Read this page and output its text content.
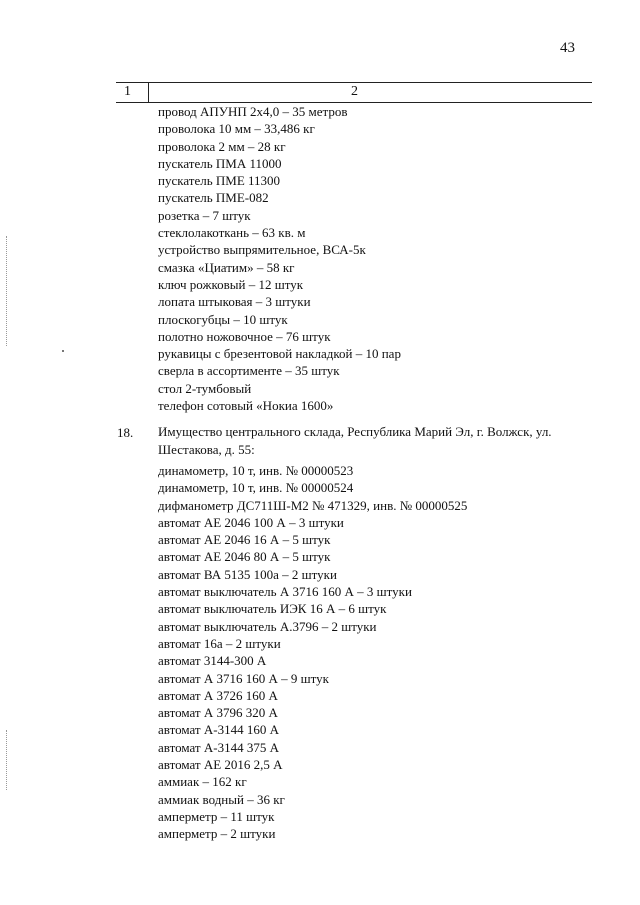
43
1	2
провод АПУНП 2х4,0 – 35 метров
проволока 10 мм – 33,486 кг
проволока 2 мм – 28 кг
пускатель ПМА 11000
пускатель ПМЕ 11300
пускатель ПМЕ-082
розетка – 7 штук
стеклолакоткань – 63 кв. м
устройство выпрямительное, ВСА-5к
смазка «Циатим» – 58 кг
ключ рожковый – 12 штук
лопата штыковая – 3 штуки
плоскогубцы – 10 штук
полотно ножовочное – 76 штук
рукавицы с брезентовой накладкой – 10 пар
сверла в ассортименте – 35 штук
стол 2-тумбовый
телефон сотовый «Нокиа 1600»
18. Имущество центрального склада, Республика Марий Эл, г. Волжск, ул. Шестакова, д. 55:
динамометр, 10 т, инв. № 00000523
динамометр, 10 т, инв. № 00000524
дифманометр ДС711Ш-М2 № 471329, инв. № 00000525
автомат АЕ 2046 100 А – 3 штуки
автомат АЕ 2046 16 А – 5 штук
автомат АЕ 2046 80 А – 5 штук
автомат ВА 5135 100а – 2 штуки
автомат выключатель А 3716 160 А – 3 штуки
автомат выключатель ИЭК 16 А – 6 штук
автомат выключатель А.3796 – 2 штуки
автомат 16а – 2 штуки
автомат 3144-300 А
автомат А 3716 160 А – 9 штук
автомат А 3726 160 А
автомат А 3796 320 А
автомат А-3144 160 А
автомат А-3144 375 А
автомат АЕ 2016 2,5 А
аммиак – 162 кг
аммиак водный – 36 кг
амперметр – 11 штук
амперметр – 2 штуки
